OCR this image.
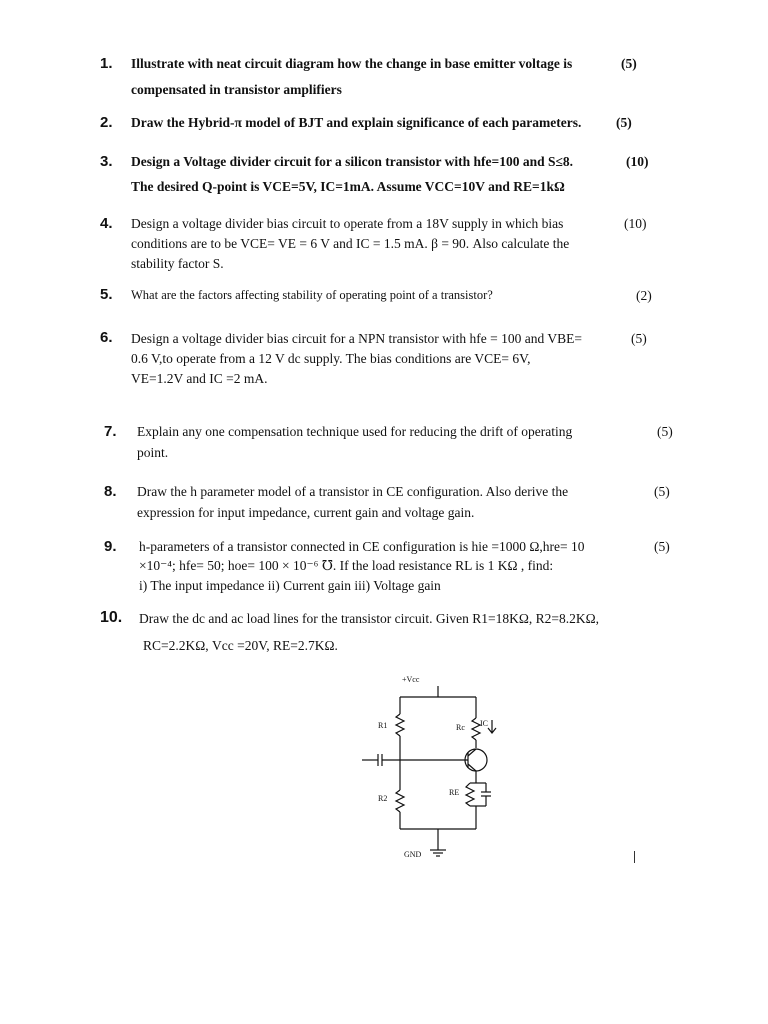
1. Illustrate with neat circuit diagram how the change in base emitter voltage is
compensated in transistor amplifiers
(5)
2. Draw the Hybrid-π model of BJT and explain significance of each parameters.	(5)
3. Design a Voltage divider circuit for a silicon transistor with hfe=100 and S≤8.
The desired Q-point is VCE=5V, IC=1mA. Assume VCC=10V and RE=1kΩ
(10)
4. Design a voltage divider bias circuit to operate from a 18V supply in which bias
conditions are to be VCE= VE = 6 V and IC = 1.5 mA. β = 90. Also calculate the
stability factor S.
(10)
5. What are the factors affecting stability of operating point of a transistor?	(2)
6. Design a voltage divider bias circuit for a NPN transistor with hfe = 100 and VBE=
0.6 V,to operate from a 12 V dc supply. The bias conditions are VCE= 6V,
VE=1.2V and IC =2 mA.
(5)
7. Explain any one compensation technique used for reducing the drift of operating
point.
(5)
8. Draw the h parameter model of a transistor in CE configuration. Also derive the
expression for input impedance, current gain and voltage gain.
(5)
9. h-parameters of a transistor connected in CE configuration is hie =1000 Ω,hre= 10
×10⁻⁴; hfe= 50; hoe= 100 × 10⁻⁶ ℧. If the load resistance RL is 1 KΩ , find:
i) The input impedance ii) Current gain iii) Voltage gain
(5)
10. Draw the dc and ac load lines for the transistor circuit. Given R1=18KΩ, R2=8.2KΩ,
RC=2.2KΩ, Vcc =20V, RE=2.7KΩ.
+Vcc
R1	Rc IC
R2
RE
GND
